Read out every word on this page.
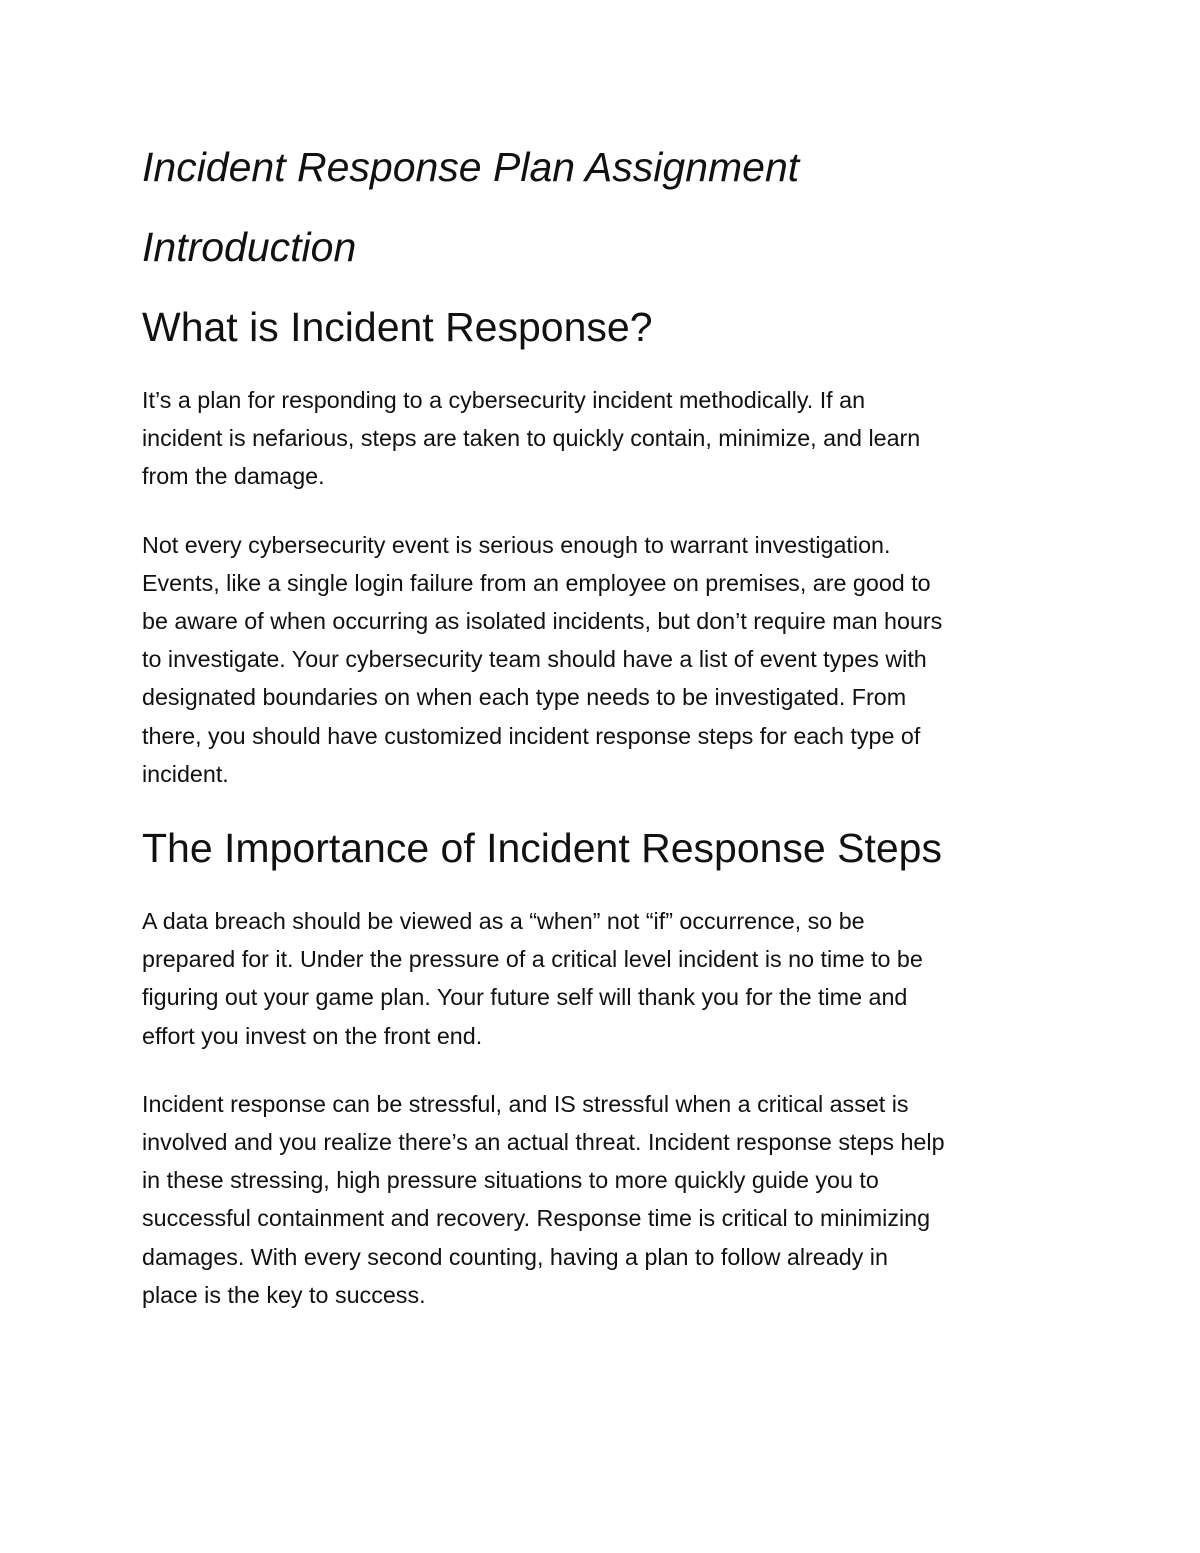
Incident Response Plan Assignment
Introduction
What is Incident Response?

It’s a plan for responding to a cybersecurity incident methodically. If an
incident is nefarious, steps are taken to quickly contain, minimize, and learn
from the damage.

Not every cybersecurity event is serious enough to warrant investigation.
Events, like a single login failure from an employee on premises, are good to
be aware of when occurring as isolated incidents, but don’t require man hours
to investigate. Your cybersecurity team should have a list of event types with
designated boundaries on when each type needs to be investigated. From
there, you should have customized incident response steps for each type of
incident.

The Importance of Incident Response Steps

A data breach should be viewed as a “when” not “if” occurrence, so be
prepared for it. Under the pressure of a critical level incident is no time to be
figuring out your game plan. Your future self will thank you for the time and
effort you invest on the front end.

Incident response can be stressful, and IS stressful when a critical asset is
involved and you realize there’s an actual threat. Incident response steps help
in these stressing, high pressure situations to more quickly guide you to
successful containment and recovery. Response time is critical to minimizing
damages. With every second counting, having a plan to follow already in
place is the key to success.
